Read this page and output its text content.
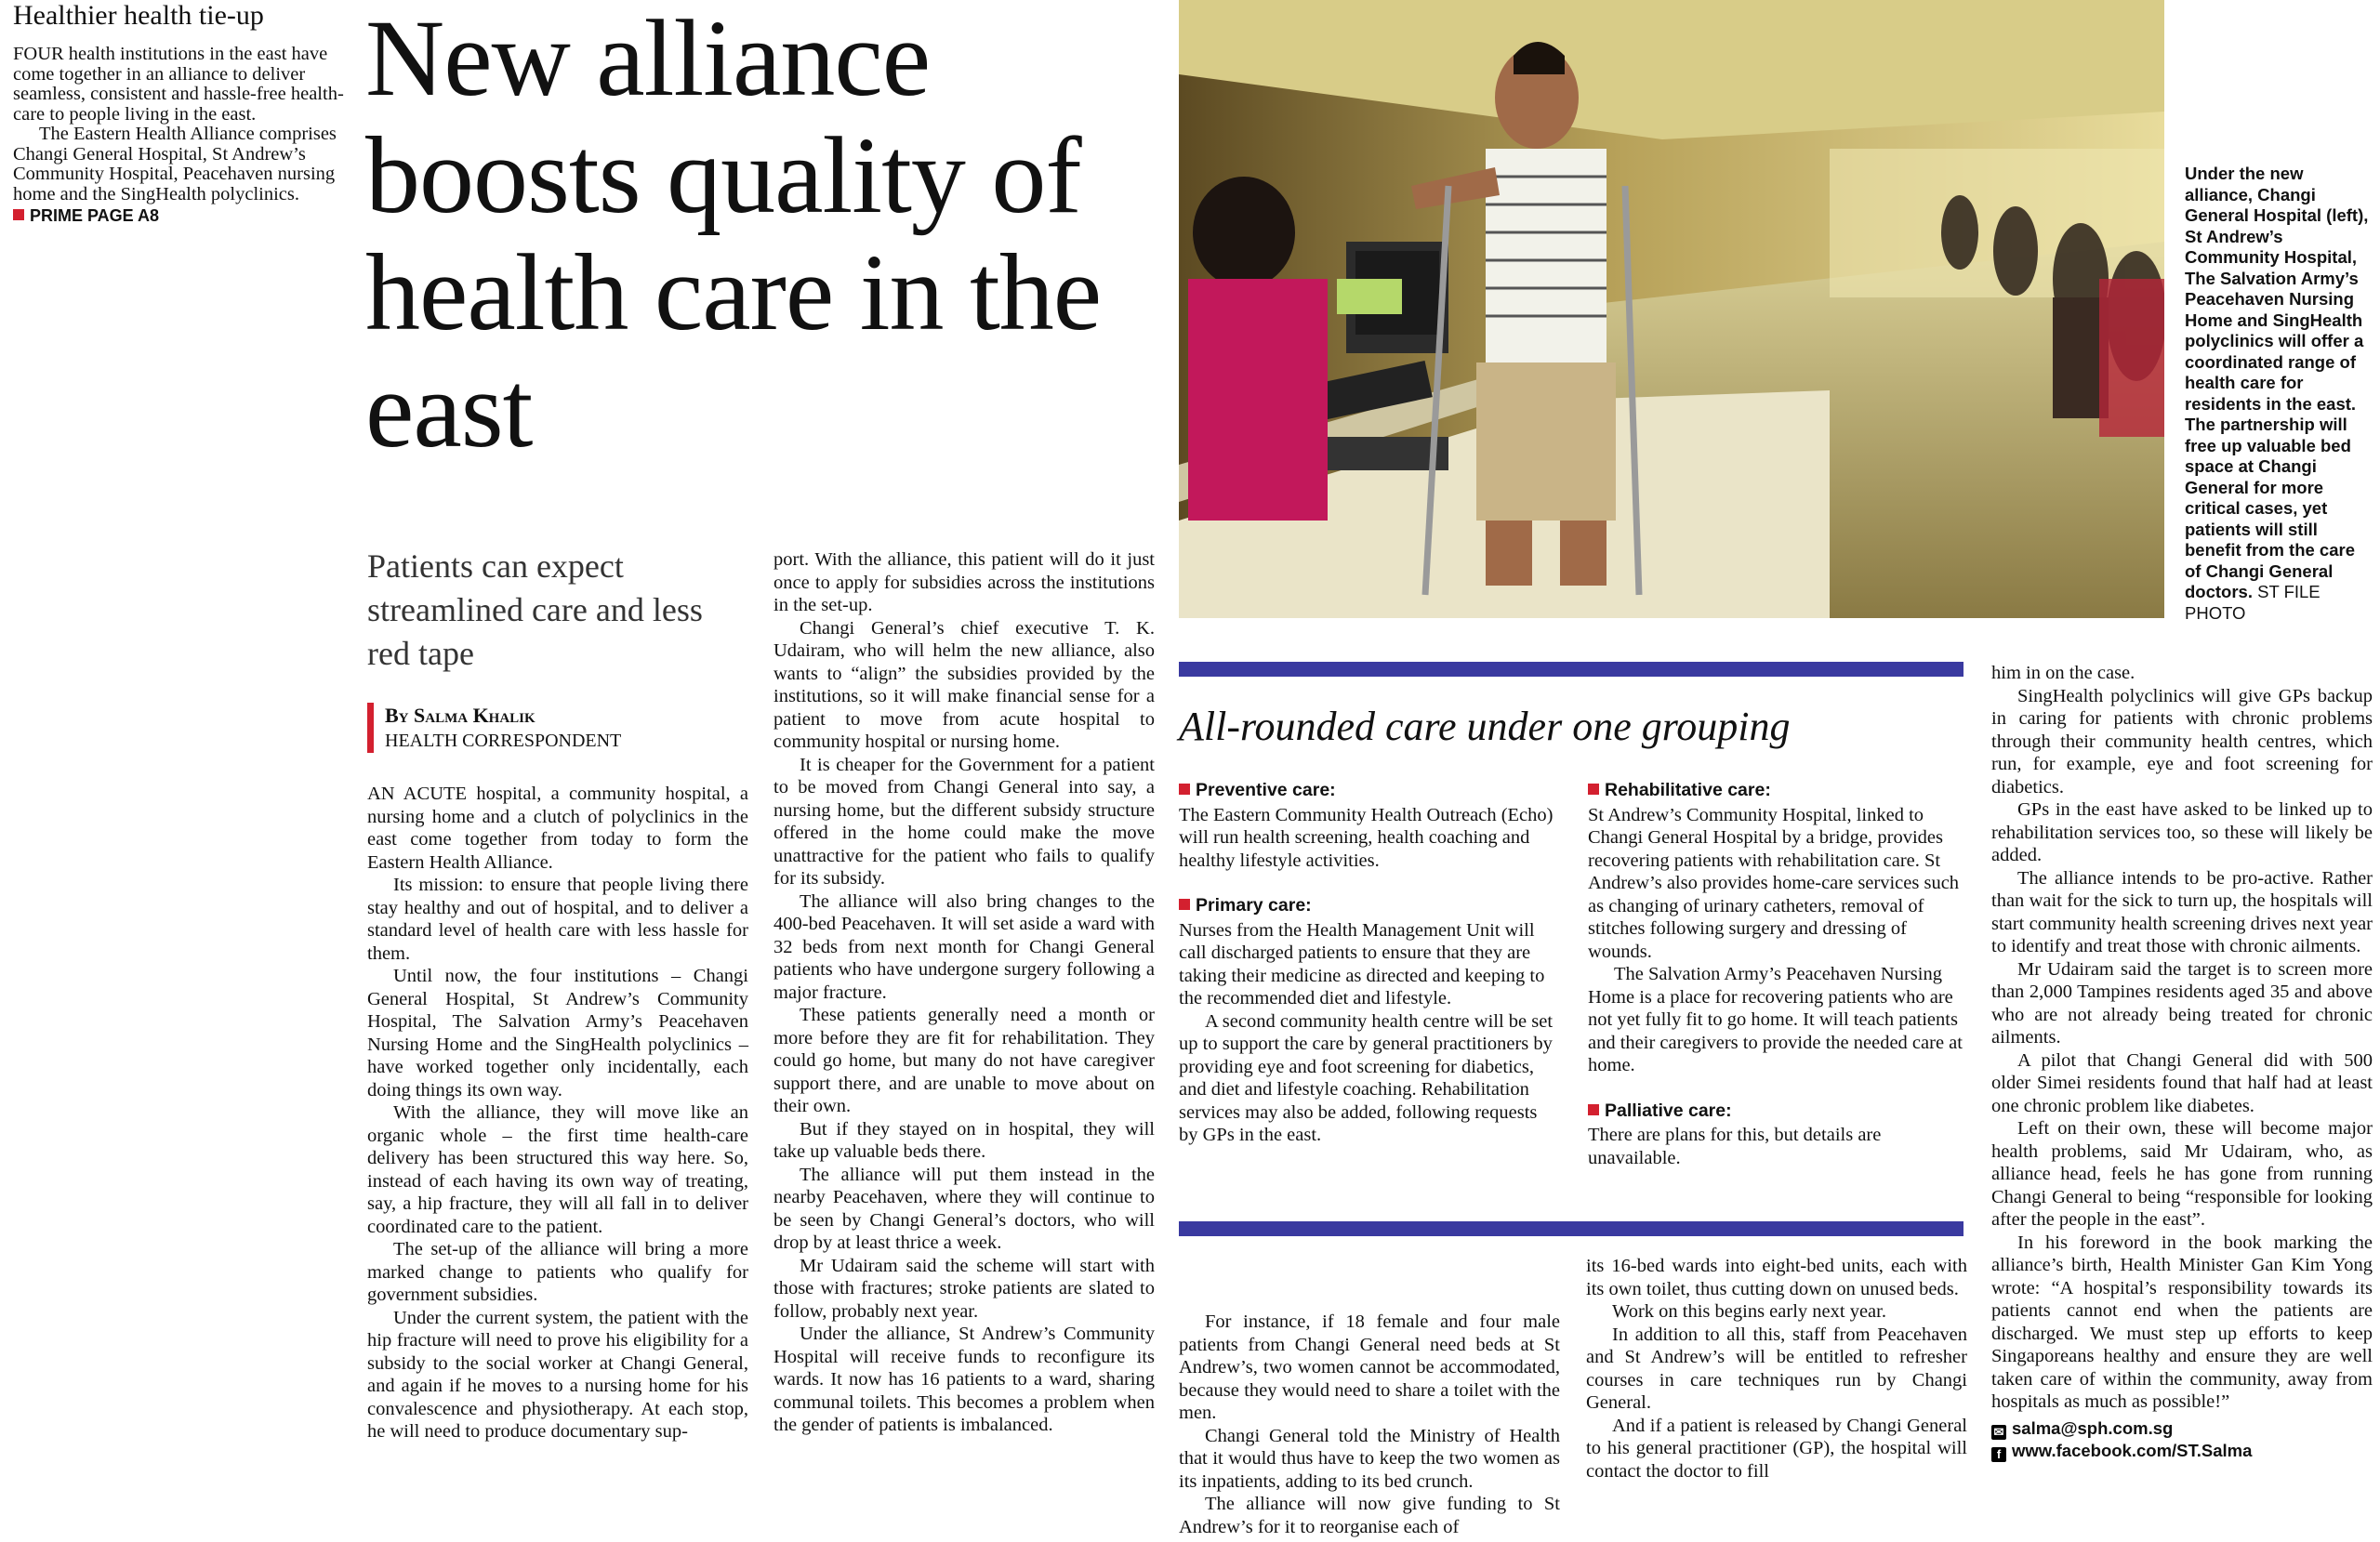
Healthier health tie-up

FOUR health institutions in the east have come together in an alliance to deliver seamless, consistent and hassle-free health-care to people living in the east.

The Eastern Health Alliance comprises Changi General Hospital, St Andrew’s Community Hospital, Peacehaven nursing home and the SingHealth polyclinics.

PRIME PAGE A8
New alliance boosts quality of health care in the east

Patients can expect streamlined care and less red tape

By Salma Khalik
HEALTH CORRESPONDENT

AN ACUTE hospital, a community hospital, a nursing home and a clutch of polyclinics in the east come together from today to form the Eastern Health Alliance.

Its mission: to ensure that people living there stay healthy and out of hospital, and to deliver a standard level of health care with less hassle for them.

Until now, the four institutions – Changi General Hospital, St Andrew’s Community Hospital, The Salvation Army’s Peacehaven Nursing Home and the SingHealth polyclinics – have worked together only incidentally, each doing things its own way.

With the alliance, they will move like an organic whole – the first time health-care delivery has been structured this way here. So, instead of each having its own way of treating, say, a hip fracture, they will all fall in to deliver coordinated care to the patient.

The set-up of the alliance will bring a more marked change to patients who qualify for government subsidies.

Under the current system, the patient with the hip fracture will need to prove his eligibility for a subsidy to the social worker at Changi General, and again if he moves to a nursing home for his convalescence and physiotherapy. At each stop, he will need to produce documentary sup-

port. With the alliance, this patient will do it just once to apply for subsidies across the institutions in the set-up.

Changi General’s chief executive T. K. Udairam, who will helm the new alliance, also wants to “align” the subsidies provided by the institutions, so it will make financial sense for a patient to move from acute hospital to community hospital or nursing home.

It is cheaper for the Government for a patient to be moved from Changi General into say, a nursing home, but the different subsidy structure offered in the home could make the move unattractive for the patient who fails to qualify for its subsidy.

The alliance will also bring changes to the 400-bed Peacehaven. It will set aside a ward with 32 beds from next month for Changi General patients who have undergone surgery following a major fracture.

These patients generally need a month or more before they are fit for rehabilitation. They could go home, but many do not have caregiver support there, and are unable to move about on their own.

But if they stayed on in hospital, they will take up valuable beds there.

The alliance will put them instead in the nearby Peacehaven, where they will continue to be seen by Changi General’s doctors, who will drop by at least thrice a week.

Mr Udairam said the scheme will start with those with fractures; stroke patients are slated to follow, probably next year.

Under the alliance, St Andrew’s Community Hospital will receive funds to reconfigure its wards. It now has 16 patients to a ward, sharing communal toilets. This becomes a problem when the gender of patients is imbalanced.

Under the new alliance, Changi General Hospital (left), St Andrew’s Community Hospital, The Salvation Army’s Peacehaven Nursing Home and SingHealth polyclinics will offer a coordinated range of health care for residents in the east. The partnership will free up valuable bed space at Changi General for more critical cases, yet patients will still benefit from the care of Changi General doctors. ST FILE PHOTO

All-rounded care under one grouping
Preventive care:

The Eastern Community Health Outreach (Echo) will run health screening, health coaching and healthy lifestyle activities.

Primary care:

Nurses from the Health Management Unit will call discharged patients to ensure that they are taking their medicine as directed and keeping to the recommended diet and lifestyle.

A second community health centre will be set up to support the care by general practitioners by providing eye and foot screening for diabetics, and diet and lifestyle coaching. Rehabilitation services may also be added, following requests by GPs in the east.

Rehabilitative care:

St Andrew’s Community Hospital, linked to Changi General Hospital by a bridge, provides recovering patients with rehabilitation care. St Andrew’s also provides home-care services such as changing of urinary catheters, removal of stitches following surgery and dressing of wounds.

The Salvation Army’s Peacehaven Nursing Home is a place for recovering patients who are not yet fully fit to go home. It will teach patients and their caregivers to provide the needed care at home.

Palliative care:

There are plans for this, but details are unavailable.

For instance, if 18 female and four male patients from Changi General need beds at St Andrew’s, two women cannot be accommodated, because they would need to share a toilet with the men.

Changi General told the Ministry of Health that it would thus have to keep the two women as its inpatients, adding to its bed crunch.

The alliance will now give funding to St Andrew’s for it to reorganise each of

its 16-bed wards into eight-bed units, each with its own toilet, thus cutting down on unused beds.

Work on this begins early next year.

In addition to all this, staff from Peacehaven and St Andrew’s will be entitled to refresher courses in care techniques run by Changi General.

And if a patient is released by Changi General to his general practitioner (GP), the hospital will contact the doctor to fill

him in on the case.

SingHealth polyclinics will give GPs backup in caring for patients with chronic problems through their community health centres, which run, for example, eye and foot screening for diabetics.

GPs in the east have asked to be linked up to rehabilitation services too, so these will likely be added.

The alliance intends to be pro-active. Rather than wait for the sick to turn up, the hospitals will start community health screening drives next year to identify and treat those with chronic ailments.

Mr Udairam said the target is to screen more than 2,000 Tampines residents aged 35 and above who are not already being treated for chronic ailments.

A pilot that Changi General did with 500 older Simei residents found that half had at least one chronic problem like diabetes.

Left on their own, these will become major health problems, said Mr Udairam, who, as alliance head, feels he has gone from running Changi General to being “responsible for looking after the people in the east”.

In his foreword in the book marking the alliance’s birth, Health Minister Gan Kim Yong wrote: “A hospital’s responsibility towards its patients cannot end when the patients are discharged. We must step up efforts to keep Singaporeans healthy and ensure they are well taken care of within the community, away from hospitals as much as possible!”

✉ salma@sph.com.sg
f www.facebook.com/ST.Salma
